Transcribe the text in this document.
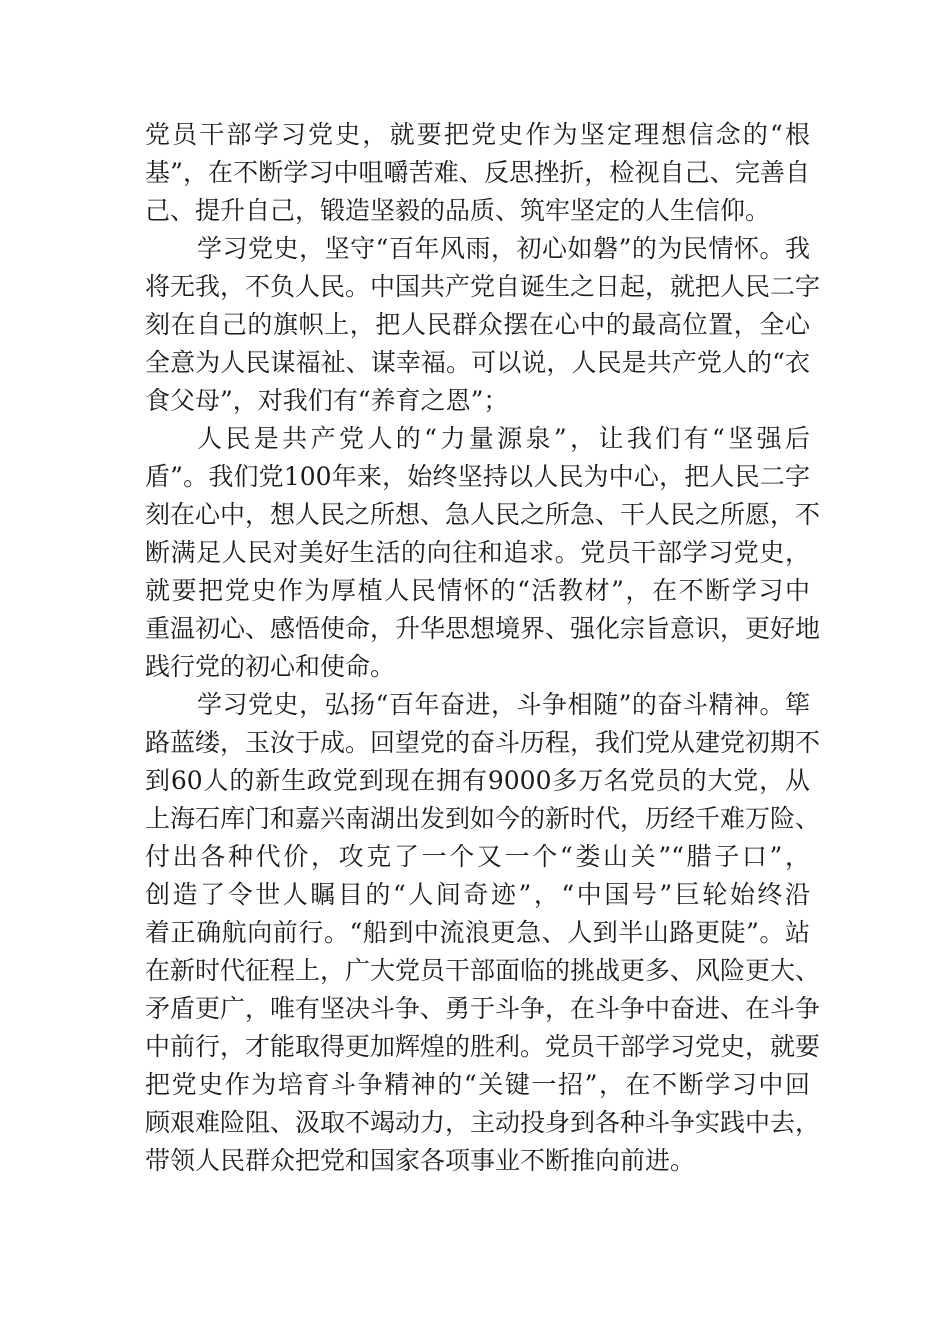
党员干部学习党史，就要把党史作为坚定理想信念的“根
基”，在不断学习中咀嚼苦难、反思挫折，检视自己、完善自
己、提升自己，锻造坚毅的品质、筑牢坚定的人生信仰。
学习党史，坚守“百年风雨，初心如磐”的为民情怀。我
将无我，不负人民。中国共产党自诞生之日起，就把人民二字
刻在自己的旗帜上，把人民群众摆在心中的最高位置，全心
全意为人民谋福祉、谋幸福。可以说，人民是共产党人的“衣
食父母”，对我们有“养育之恩”；
人民是共产党人的“力量源泉”，让我们有“坚强后
盾”。我们党100年来，始终坚持以人民为中心，把人民二字
刻在心中，想人民之所想、急人民之所急、干人民之所愿，不
断满足人民对美好生活的向往和追求。党员干部学习党史，
就要把党史作为厚植人民情怀的“活教材”，在不断学习中
重温初心、感悟使命，升华思想境界、强化宗旨意识，更好地
践行党的初心和使命。
学习党史，弘扬“百年奋进，斗争相随”的奋斗精神。筚
路蓝缕，玉汝于成。回望党的奋斗历程，我们党从建党初期不
到60人的新生政党到现在拥有9000多万名党员的大党，从
上海石库门和嘉兴南湖出发到如今的新时代，历经千难万险、
付出各种代价，攻克了一个又一个“娄山关”“腊子口”，
创造了令世人瞩目的“人间奇迹”，“中国号”巨轮始终沿
着正确航向前行。“船到中流浪更急、人到半山路更陡”。站
在新时代征程上，广大党员干部面临的挑战更多、风险更大、
矛盾更广，唯有坚决斗争、勇于斗争，在斗争中奋进、在斗争
中前行，才能取得更加辉煌的胜利。党员干部学习党史，就要
把党史作为培育斗争精神的“关键一招”，在不断学习中回
顾艰难险阻、汲取不竭动力，主动投身到各种斗争实践中去，
带领人民群众把党和国家各项事业不断推向前进。
